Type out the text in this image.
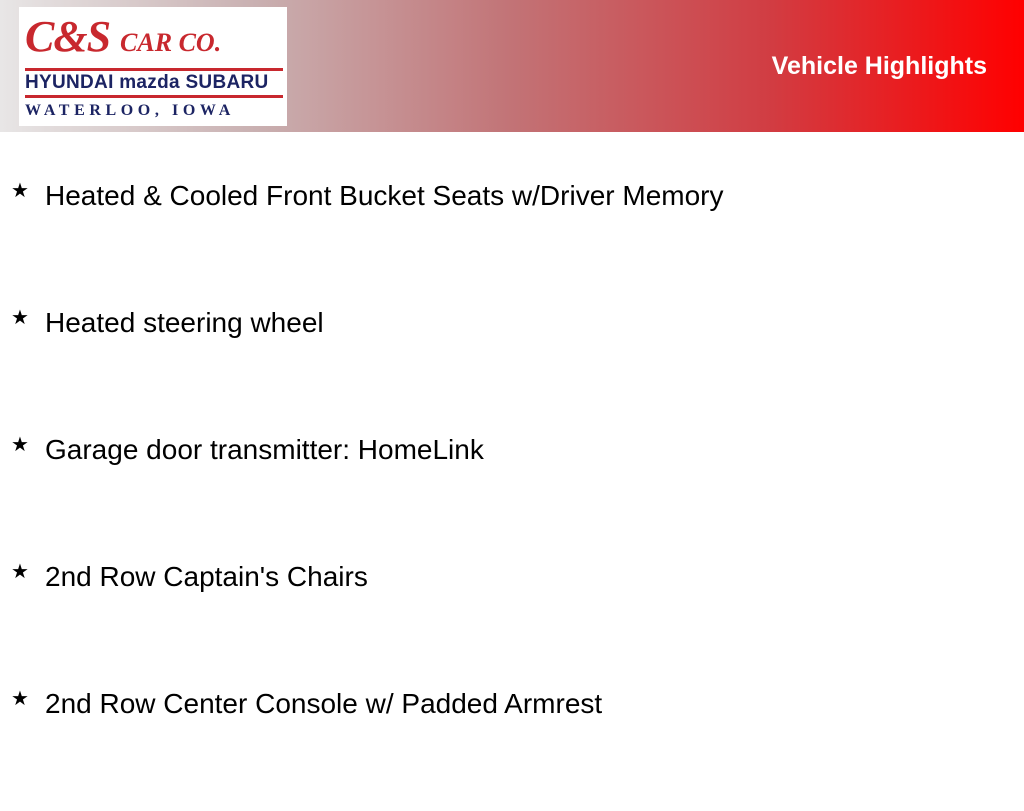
C&S CAR CO.
HYUNDAI mazda SUBARU
WATERLOO, IOWA
Vehicle Highlights
★ Heated & Cooled Front Bucket Seats w/Driver Memory
★ Heated steering wheel
★ Garage door transmitter: HomeLink
★ 2nd Row Captain's Chairs
★ 2nd Row Center Console w/ Padded Armrest
